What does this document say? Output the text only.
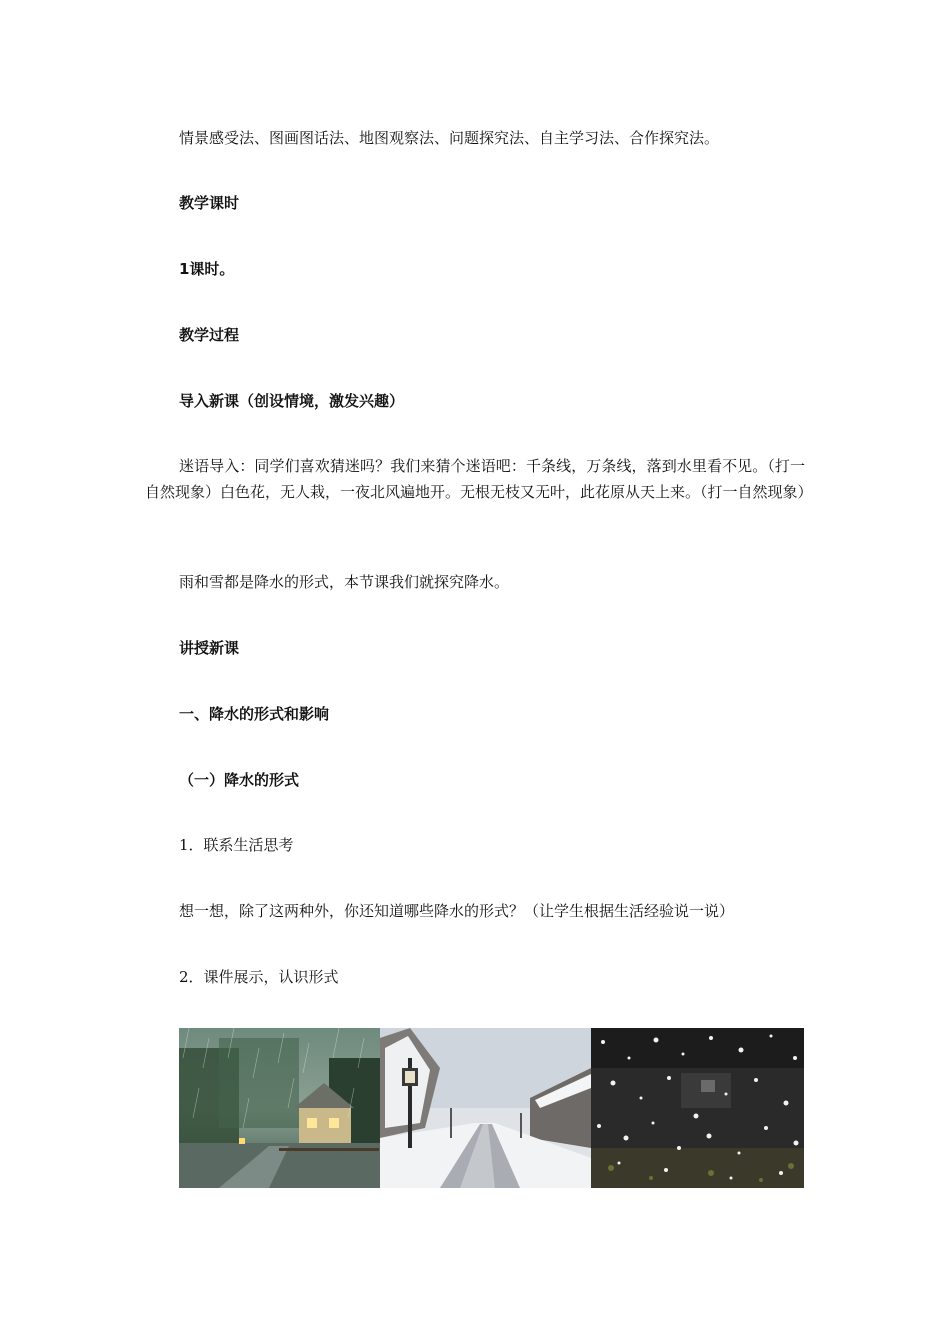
情景感受法、图画图话法、地图观察法、问题探究法、自主学习法、合作探究法。
教学课时
1课时。
教学过程
导入新课（创设情境，激发兴趣）
迷语导入：同学们喜欢猜迷吗？我们来猜个迷语吧：千条线，万条线，落到水里看不见。（打一自然现象）白色花，无人栽，一夜北风遍地开。无根无枝又无叶，此花原从天上来。（打一自然现象）
雨和雪都是降水的形式，本节课我们就探究降水。
讲授新课
一、降水的形式和影响
（一）降水的形式
1．联系生活思考
想一想，除了这两种外，你还知道哪些降水的形式？（让学生根据生活经验说一说）
2．课件展示，认识形式
